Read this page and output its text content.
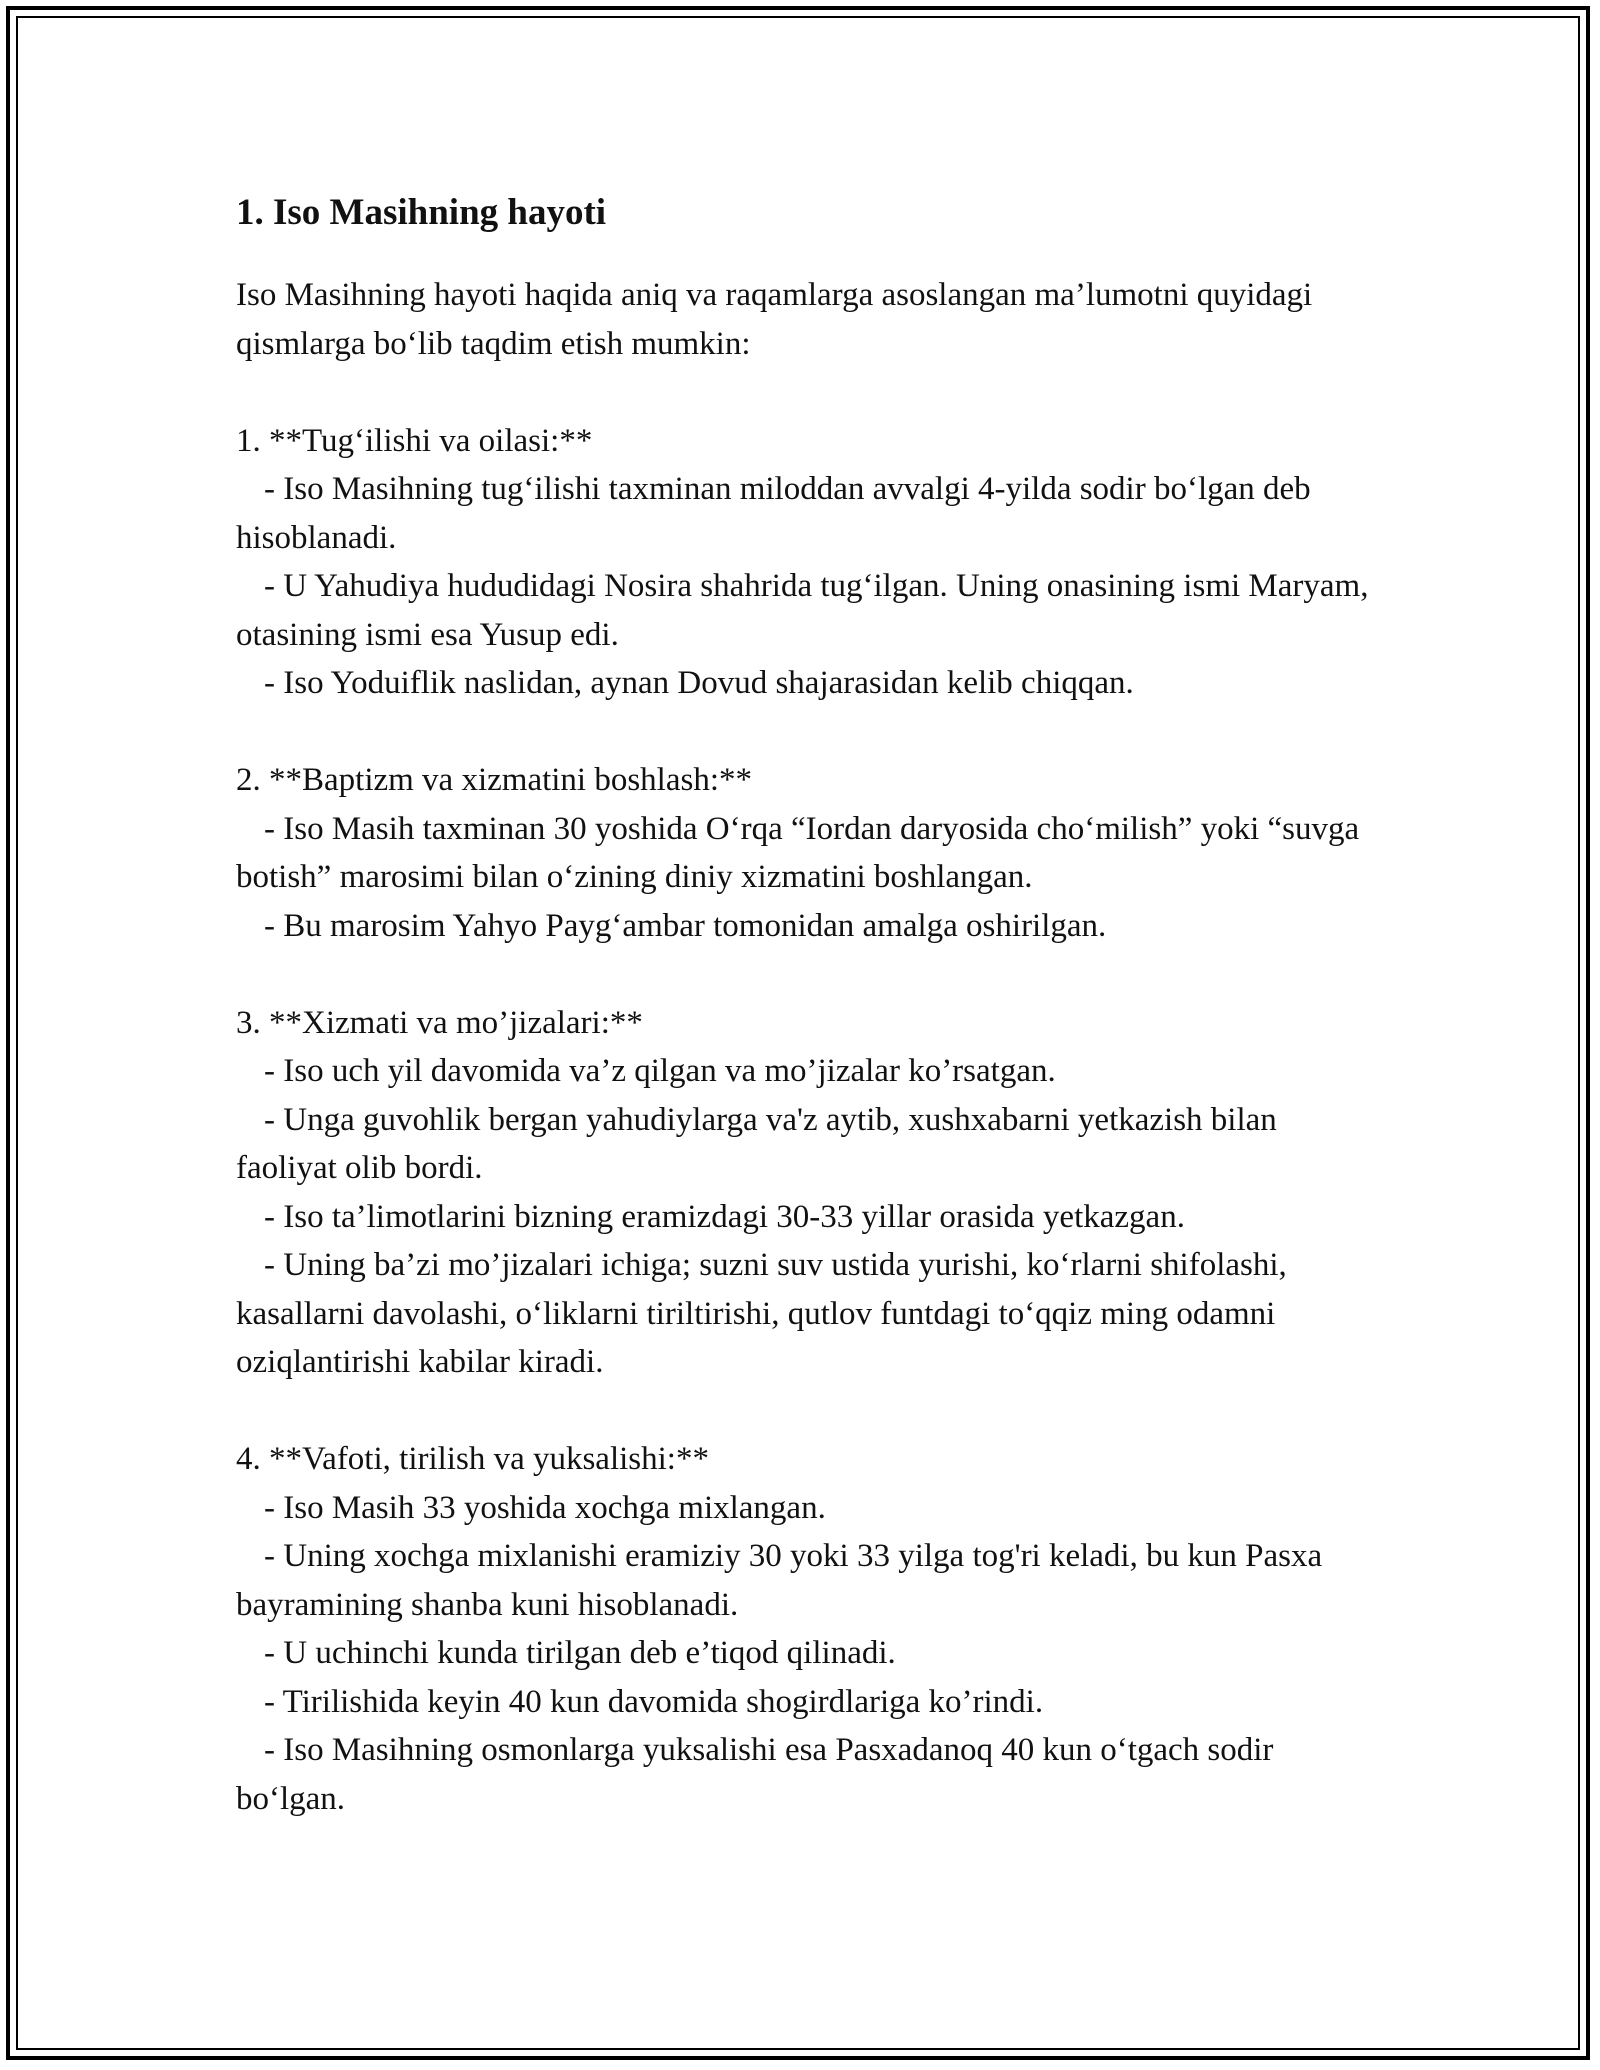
1. Iso Masihning hayoti

Iso Masihning hayoti haqida aniq va raqamlarga asoslangan ma’lumotni quyidagi qismlarga bo‘lib taqdim etish mumkin:

1. **Tug‘ilishi va oilasi:**

- Iso Masihning tug‘ilishi taxminan miloddan avvalgi 4-yilda sodir bo‘lgan deb hisoblanadi.

- U Yahudiya hududidagi Nosira shahrida tug‘ilgan. Uning onasining ismi Maryam, otasining ismi esa Yusup edi.

- Iso Yoduiflik naslidan, aynan Dovud shajarasidan kelib chiqqan.

2. **Baptizm va xizmatini boshlash:**

- Iso Masih taxminan 30 yoshida O‘rqa “Iordan daryosida cho‘milish” yoki “suvga botish” marosimi bilan o‘zining diniy xizmatini boshlangan.

- Bu marosim Yahyo Payg‘ambar tomonidan amalga oshirilgan.

3. **Xizmati va mo’jizalari:**

- Iso uch yil davomida va’z qilgan va mo’jizalar ko’rsatgan.

- Unga guvohlik bergan yahudiylarga va'z aytib, xushxabarni yetkazish bilan faoliyat olib bordi.

- Iso ta’limotlarini bizning eramizdagi 30-33 yillar orasida yetkazgan.

- Uning ba’zi mo’jizalari ichiga; suzni suv ustida yurishi, ko‘rlarni shifolashi, kasallarni davolashi, o‘liklarni tiriltirishi, qutlov funtdagi to‘qqiz ming odamni oziqlantirishi kabilar kiradi.

4. **Vafoti, tirilish va yuksalishi:**

- Iso Masih 33 yoshida xochga mixlangan.

- Uning xochga mixlanishi eramiziy 30 yoki 33 yilga tog'ri keladi, bu kun Pasxa bayramining shanba kuni hisoblanadi.

- U uchinchi kunda tirilgan deb e’tiqod qilinadi.

- Tirilishida keyin 40 kun davomida shogirdlariga ko’rindi.

- Iso Masihning osmonlarga yuksalishi esa Pasxadanoq 40 kun o‘tgach sodir bo‘lgan.
